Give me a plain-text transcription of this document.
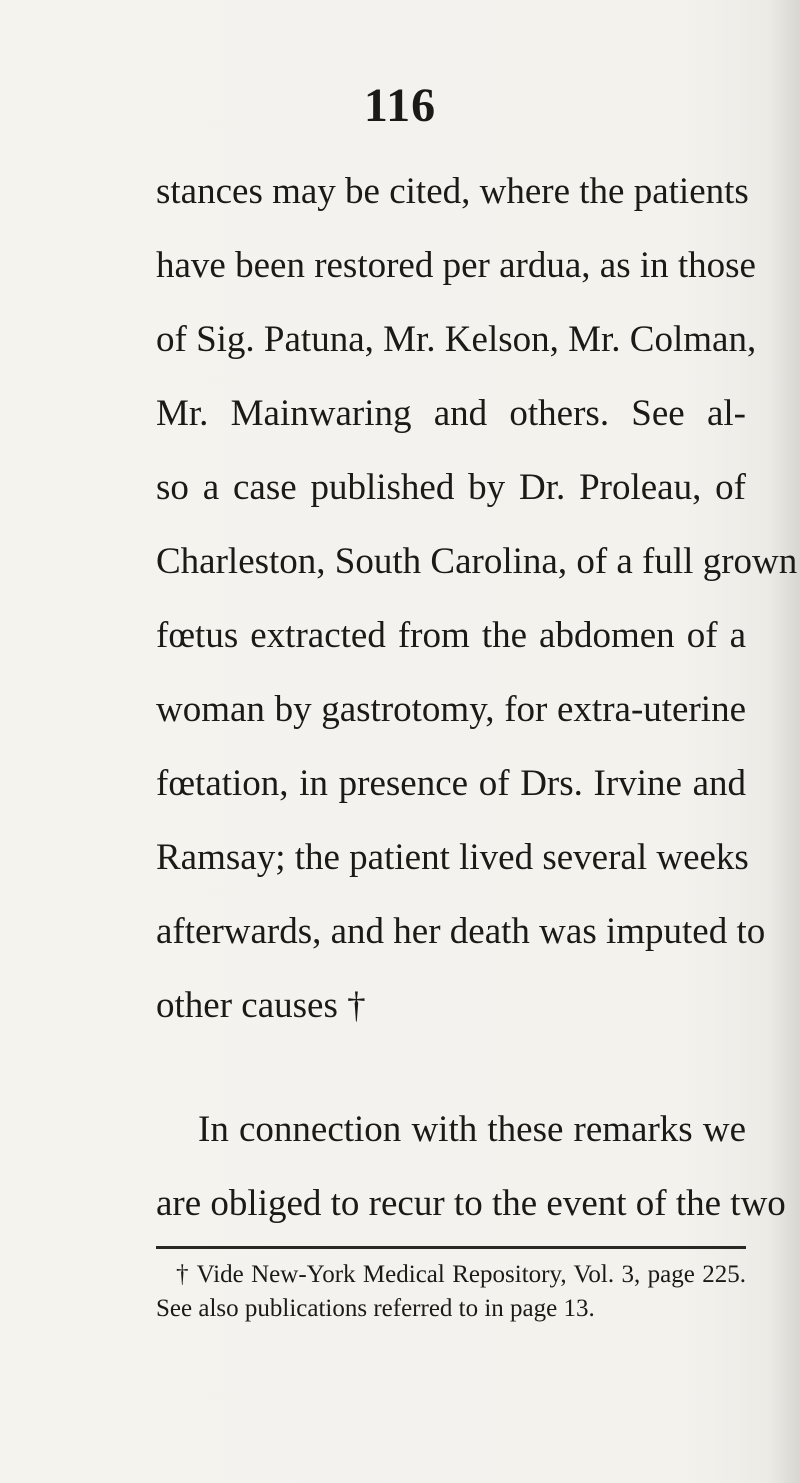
116
stances may be cited, where the patients
have been restored per ardua, as in those
of Sig. Patuna, Mr. Kelson, Mr. Colman,
Mr. Mainwaring and others. See al-
so a case published by Dr. Proleau, of
Charleston, South Carolina, of a full grown
fœtus extracted from the abdomen of a
woman by gastrotomy, for extra-uterine
fœtation, in presence of Drs. Irvine and
Ramsay; the patient lived several weeks
afterwards, and her death was imputed to
other causes †
In connection with these remarks we
are obliged to recur to the event of the two
† Vide New-York Medical Repository, Vol. 3, page 225.
See also publications referred to in page 13.
